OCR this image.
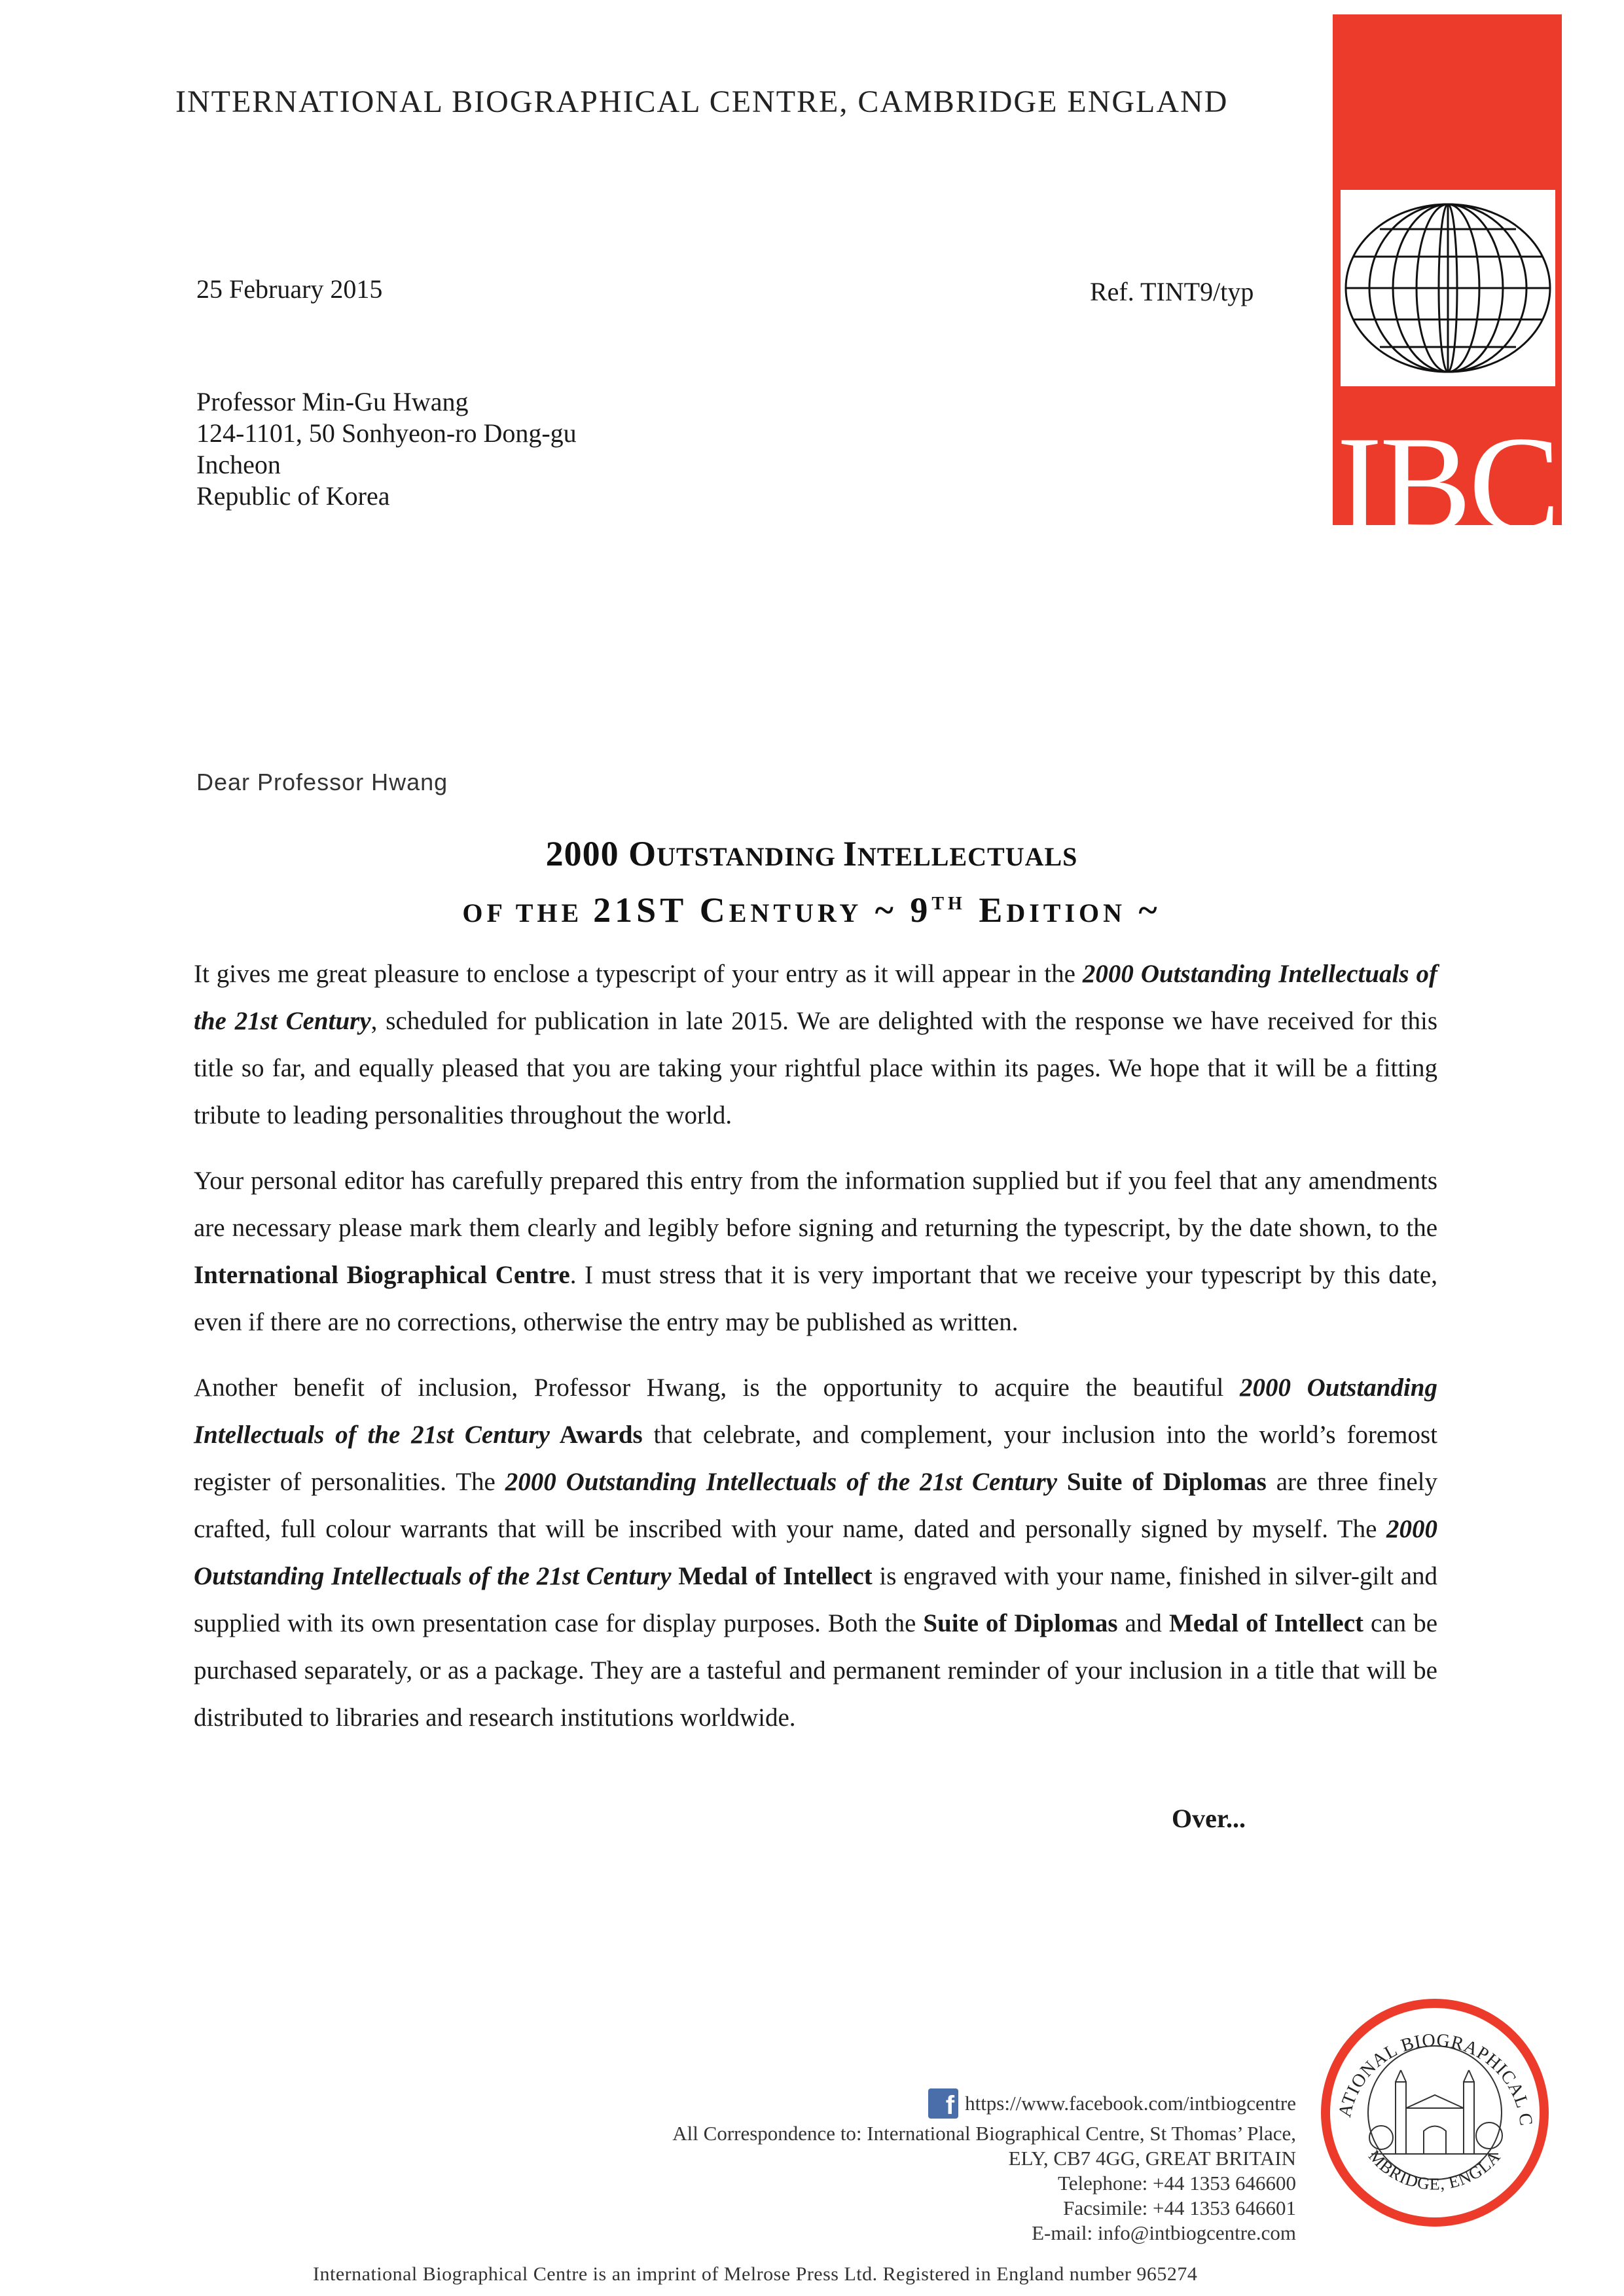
INTERNATIONAL BIOGRAPHICAL CENTRE, CAMBRIDGE ENGLAND
IBC
25 February 2015	Ref. TINT9/typ
Professor Min-Gu Hwang
124-1101, 50 Sonhyeon-ro Dong-gu
Incheon
Republic of Korea
Dear Professor Hwang
2000 OUTSTANDING INTELLECTUALS
OF THE 21ST CENTURY ~ 9TH EDITION ~

It gives me great pleasure to enclose a typescript of your entry as it will appear in the 2000 Outstanding Intellectuals of the 21st Century, scheduled for publication in late 2015. We are delighted with the response we have received for this title so far, and equally pleased that you are taking your rightful place within its pages. We hope that it will be a fitting tribute to leading personalities throughout the world.

Your personal editor has carefully prepared this entry from the information supplied but if you feel that any amendments are necessary please mark them clearly and legibly before signing and returning the typescript, by the date shown, to the International Biographical Centre. I must stress that it is very important that we receive your typescript by this date, even if there are no corrections, otherwise the entry may be published as written.

Another benefit of inclusion, Professor Hwang, is the opportunity to acquire the beautiful 2000 Outstanding Intellectuals of the 21st Century Awards that celebrate, and complement, your inclusion into the world’s foremost register of personalities. The 2000 Outstanding Intellectuals of the 21st Century Suite of Diplomas are three finely crafted, full colour warrants that will be inscribed with your name, dated and personally signed by myself. The 2000 Outstanding Intellectuals of the 21st Century Medal of Intellect is engraved with your name, finished in silver-gilt and supplied with its own presentation case for display purposes. Both the Suite of Diplomas and Medal of Intellect can be purchased separately, or as a package. They are a tasteful and permanent reminder of your inclusion in a title that will be distributed to libraries and research institutions worldwide.

Over...
ATIONAL BIOGRAPHICAL C
MBRIDGE, ENGLA
f https://www.facebook.com/intbiogcentre
All Correspondence to: International Biographical Centre, St Thomas’ Place,
ELY, CB7 4GG, GREAT BRITAIN
Telephone: +44 1353 646600
Facsimile: +44 1353 646601
E-mail: info@intbiogcentre.com
International Biographical Centre is an imprint of Melrose Press Ltd. Registered in England number 965274
